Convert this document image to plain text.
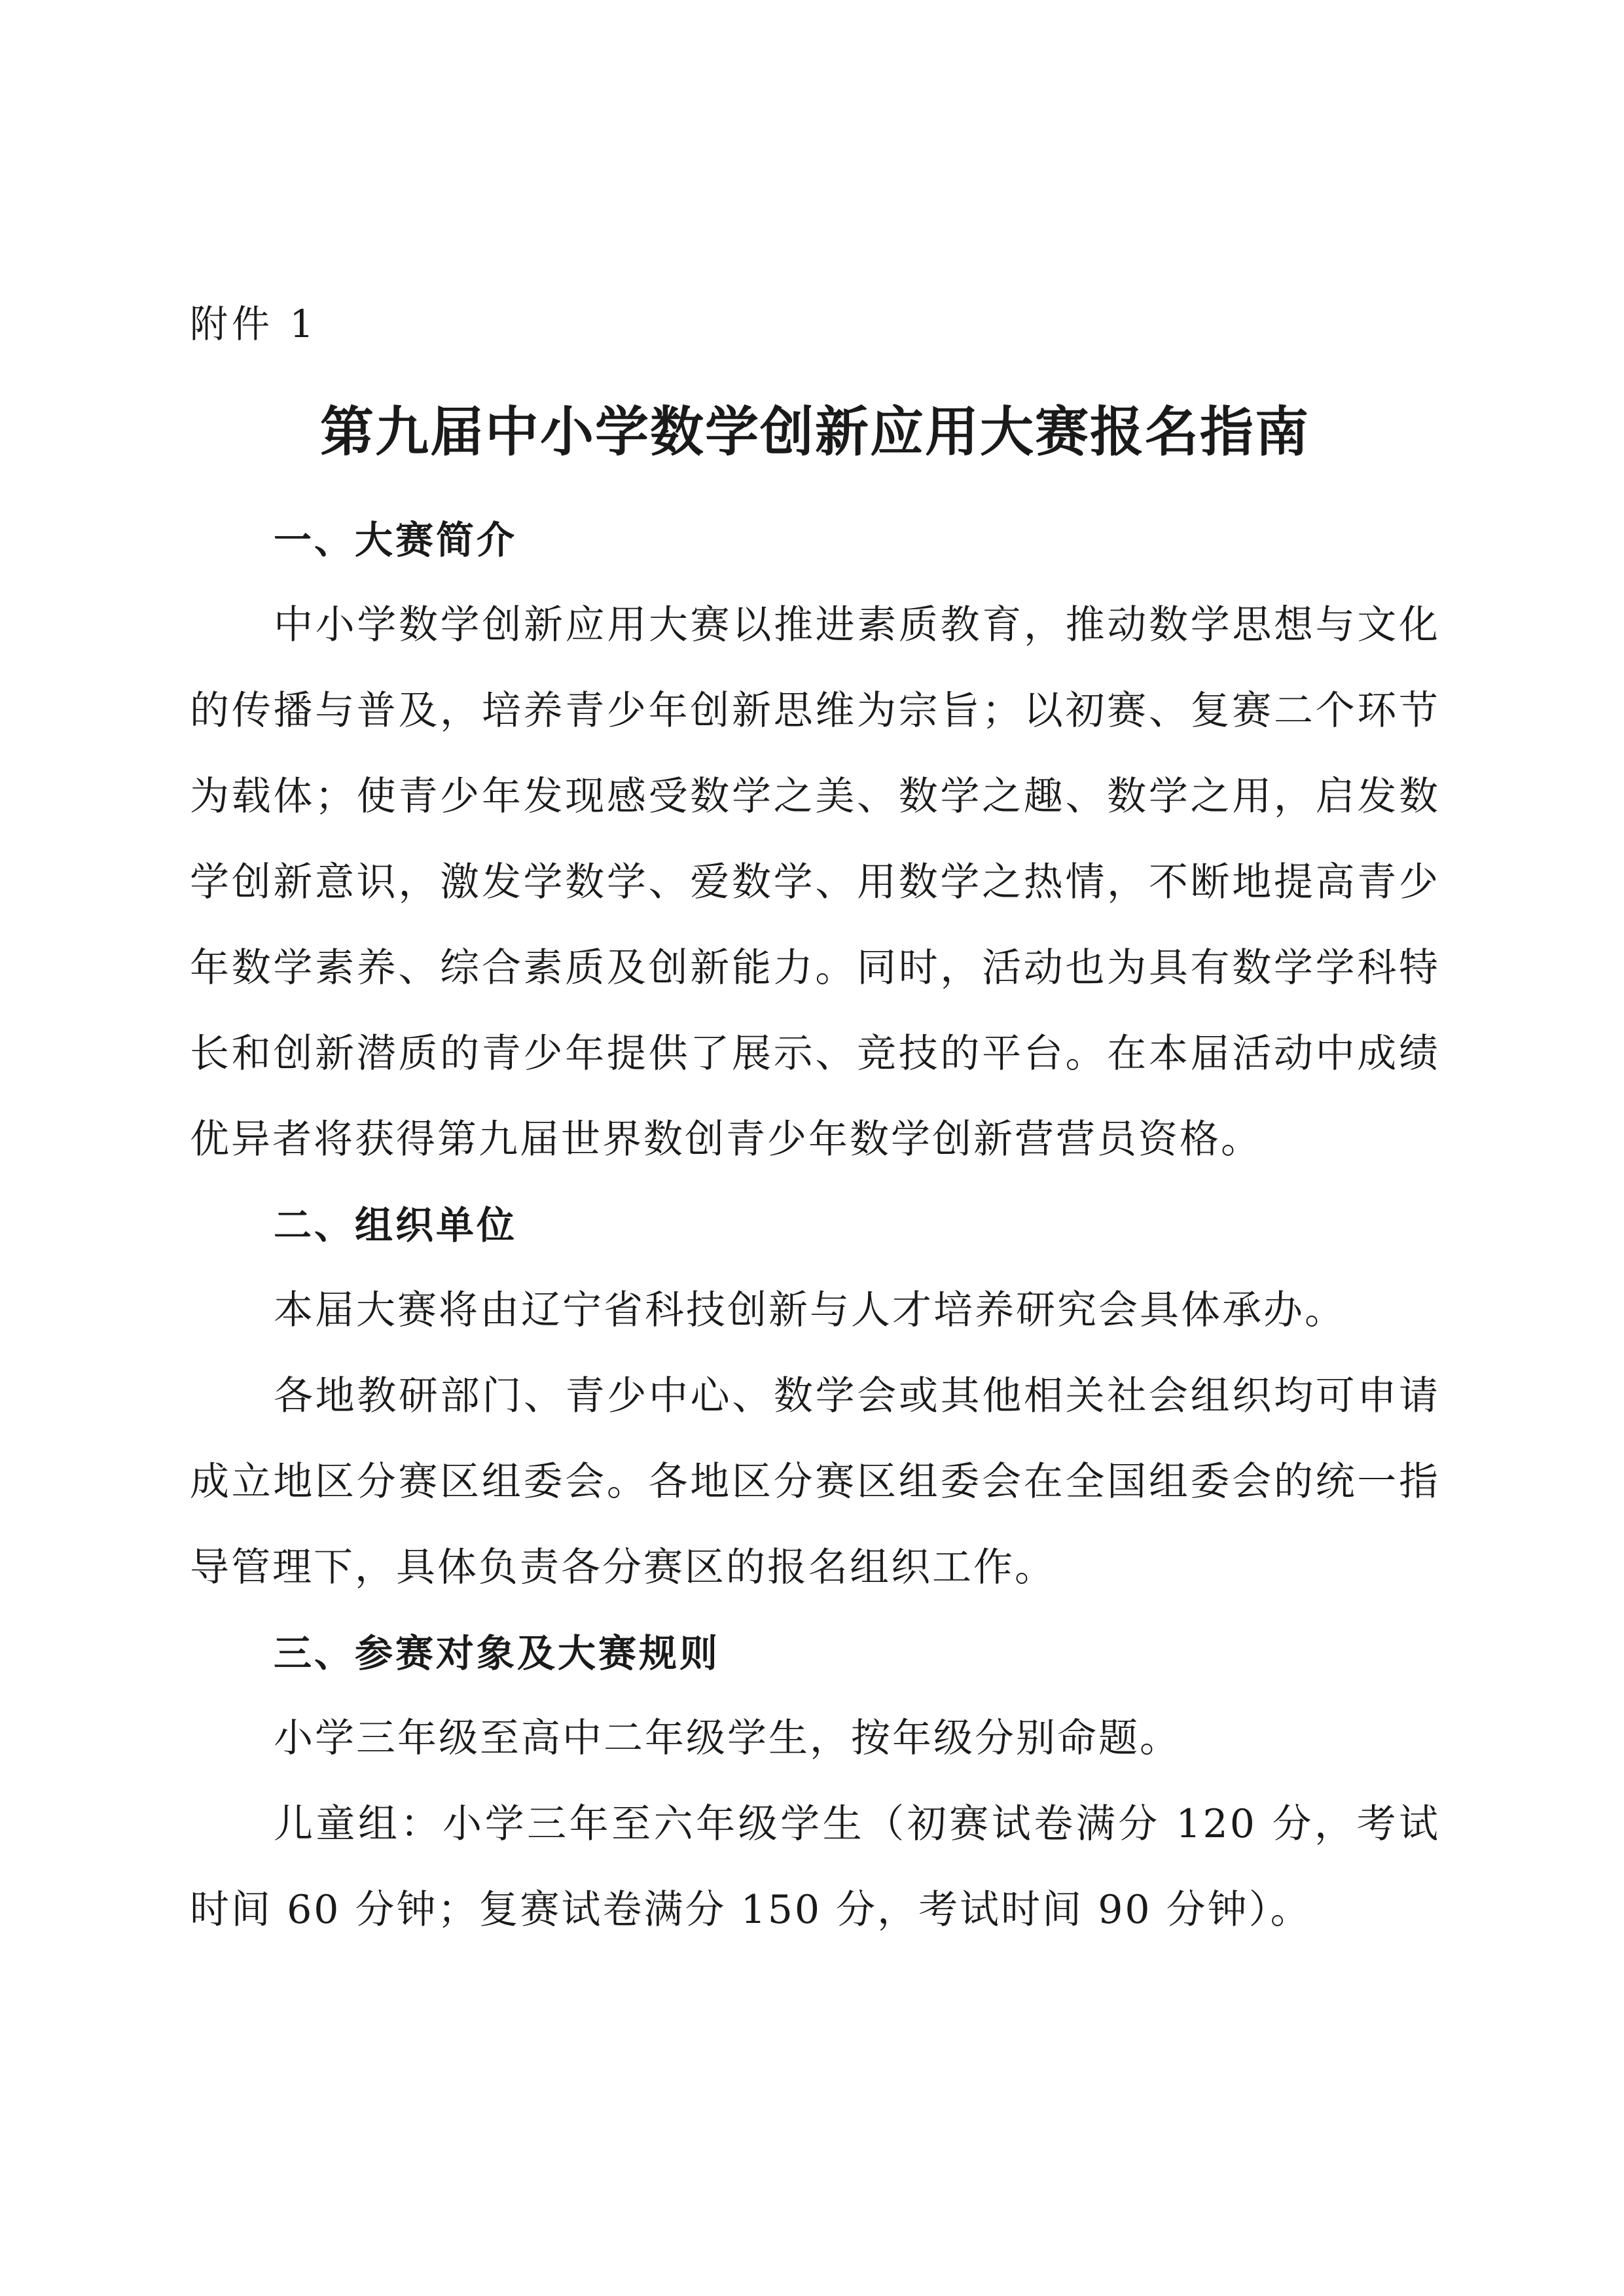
附件 1

第九届中小学数学创新应用大赛报名指南
一、大赛简介

中小学数学创新应用大赛以推进素质教育，推动数学思想与文化的传播与普及，培养青少年创新思维为宗旨；以初赛、复赛二个环节为载体；使青少年发现感受数学之美、数学之趣、数学之用，启发数学创新意识，激发学数学、爱数学、用数学之热情，不断地提高青少年数学素养、综合素质及创新能力。同时，活动也为具有数学学科特长和创新潜质的青少年提供了展示、竞技的平台。在本届活动中成绩优异者将获得第九届世界数创青少年数学创新营营员资格。

二、组织单位

本届大赛将由辽宁省科技创新与人才培养研究会具体承办。

各地教研部门、青少中心、数学会或其他相关社会组织均可申请成立地区分赛区组委会。各地区分赛区组委会在全国组委会的统一指导管理下，具体负责各分赛区的报名组织工作。

三、参赛对象及大赛规则

小学三年级至高中二年级学生，按年级分别命题。

儿童组：小学三年至六年级学生（初赛试卷满分 120 分，考试时间 60 分钟；复赛试卷满分 150 分，考试时间 90 分钟）。
